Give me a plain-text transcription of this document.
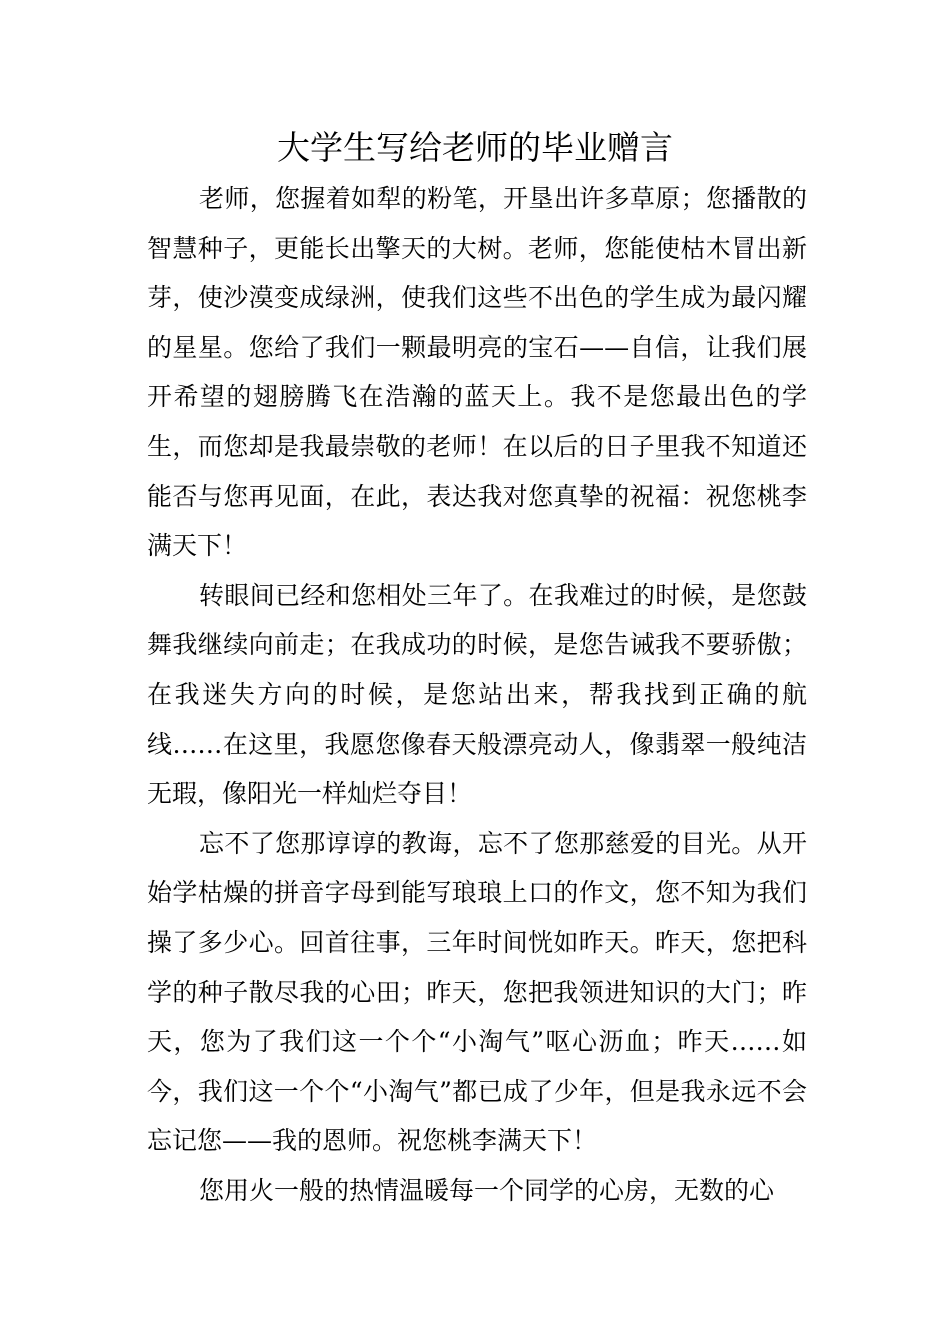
大学生写给老师的毕业赠言

老师，您握着如犁的粉笔，开垦出许多草原；您播散的智慧种子，更能长出擎天的大树。老师，您能使枯木冒出新芽，使沙漠变成绿洲，使我们这些不出色的学生成为最闪耀的星星。您给了我们一颗最明亮的宝石——自信，让我们展开希望的翅膀腾飞在浩瀚的蓝天上。我不是您最出色的学生，而您却是我最崇敬的老师！在以后的日子里我不知道还能否与您再见面，在此，表达我对您真挚的祝福：祝您桃李满天下！

转眼间已经和您相处三年了。在我难过的时候，是您鼓舞我继续向前走；在我成功的时候，是您告诫我不要骄傲；在我迷失方向的时候，是您站出来，帮我找到正确的航线……在这里，我愿您像春天般漂亮动人，像翡翠一般纯洁无瑕，像阳光一样灿烂夺目！

忘不了您那谆谆的教诲，忘不了您那慈爱的目光。从开始学枯燥的拼音字母到能写琅琅上口的作文，您不知为我们操了多少心。回首往事，三年时间恍如昨天。昨天，您把科学的种子散尽我的心田；昨天，您把我领进知识的大门；昨天，您为了我们这一个个“小淘气”呕心沥血；昨天……如今，我们这一个个“小淘气”都已成了少年，但是我永远不会忘记您——我的恩师。祝您桃李满天下！

您用火一般的热情温暖每一个同学的心房，无数的心
